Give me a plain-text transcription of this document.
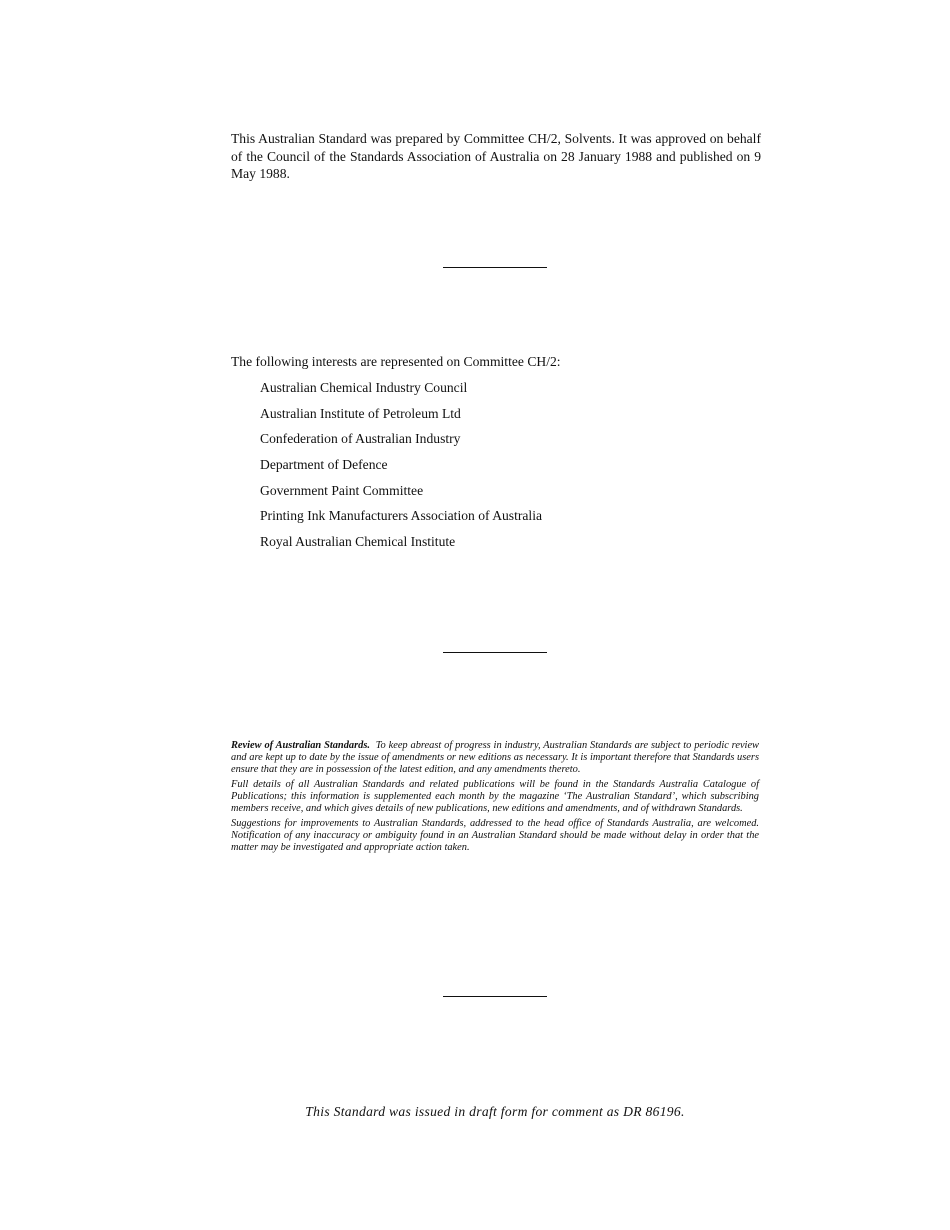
This Australian Standard was prepared by Committee CH/2, Solvents. It was approved on behalf of the Council of the Standards Association of Australia on 28 January 1988 and published on 9 May 1988.

The following interests are represented on Committee CH/2:

Australian Chemical Industry Council
Australian Institute of Petroleum Ltd
Confederation of Australian Industry
Department of Defence
Government Paint Committee
Printing Ink Manufacturers Association of Australia
Royal Australian Chemical Institute

Review of Australian Standards. To keep abreast of progress in industry, Australian Standards are subject to periodic review and are kept up to date by the issue of amendments or new editions as necessary. It is important therefore that Standards users ensure that they are in possession of the latest edition, and any amendments thereto.

Full details of all Australian Standards and related publications will be found in the Standards Australia Catalogue of Publications; this information is supplemented each month by the magazine ‘The Australian Standard’, which subscribing members receive, and which gives details of new publications, new editions and amendments, and of withdrawn Standards.

Suggestions for improvements to Australian Standards, addressed to the head office of Standards Australia, are welcomed. Notification of any inaccuracy or ambiguity found in an Australian Standard should be made without delay in order that the matter may be investigated and appropriate action taken.

This Standard was issued in draft form for comment as DR 86196.
